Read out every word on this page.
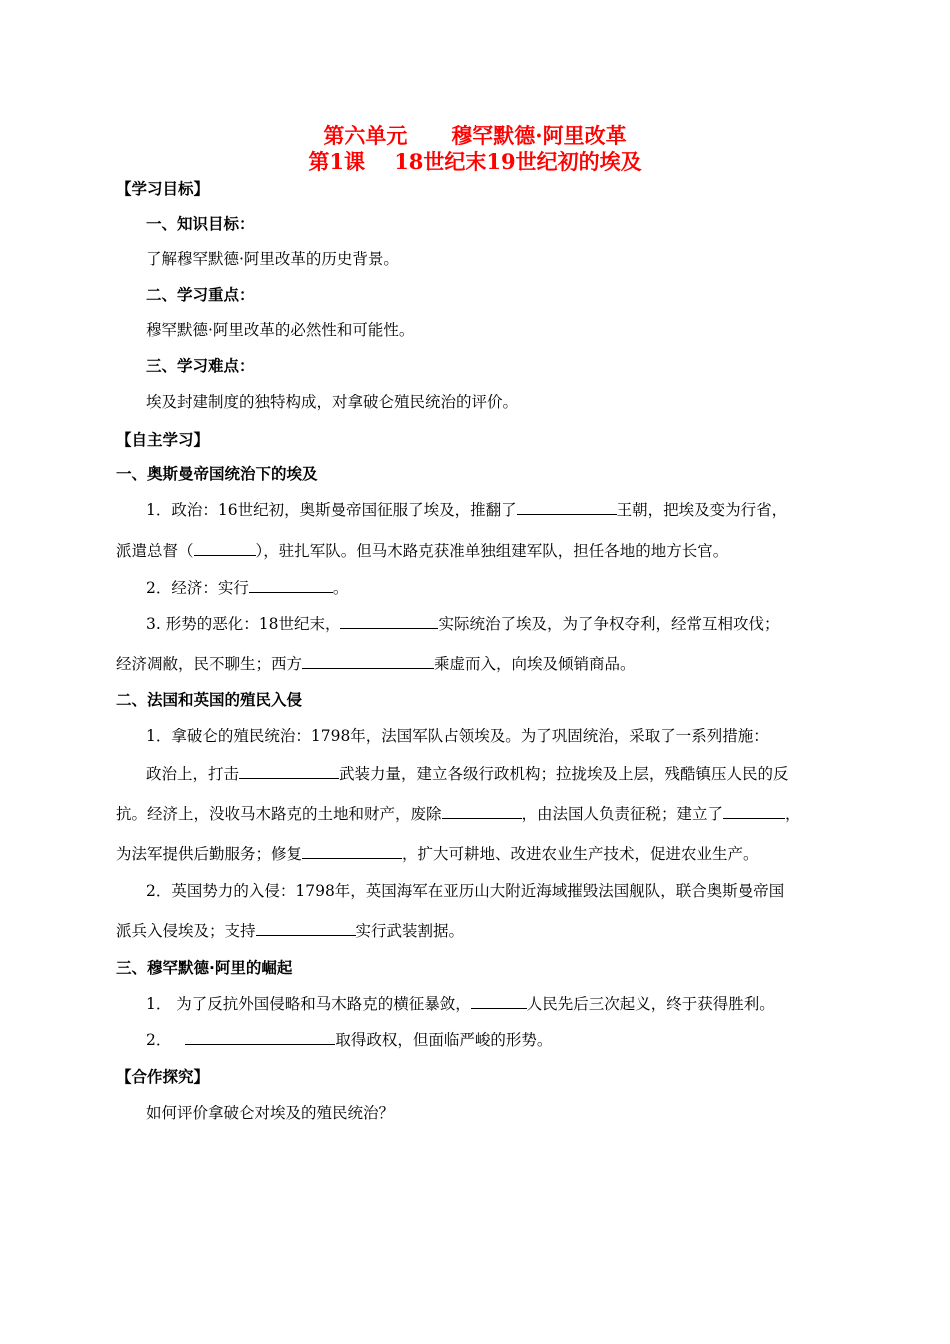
第六单元      穆罕默德·阿里改革
第1课    18世纪末19世纪初的埃及
【学习目标】
一、知识目标：
了解穆罕默德·阿里改革的历史背景。
二、学习重点：
穆罕默德·阿里改革的必然性和可能性。
三、学习难点：
埃及封建制度的独特构成，对拿破仑殖民统治的评价。
【自主学习】
一、奥斯曼帝国统治下的埃及
1．政治：16世纪初，奥斯曼帝国征服了埃及，推翻了	王朝，把埃及变为行省，
派遣总督（	），驻扎军队。但马木路克获准单独组建军队，担任各地的地方长官。
2．经济：实行	。
3. 形势的恶化：18世纪末，	实际统治了埃及，为了争权夺利，经常互相攻伐；
经济凋敝，民不聊生；西方	乘虚而入，向埃及倾销商品。
二、法国和英国的殖民入侵
1．拿破仑的殖民统治：1798年，法国军队占领埃及。为了巩固统治，采取了一系列措施：
政治上，打击	武装力量，建立各级行政机构；拉拢埃及上层，残酷镇压人民的反
抗。经济上，没收马木路克的土地和财产，废除	，由法国人负责征税；建立了	，
为法军提供后勤服务；修复	，扩大可耕地、改进农业生产技术，促进农业生产。
2．英国势力的入侵：1798年，英国海军在亚历山大附近海域摧毁法国舰队，联合奥斯曼帝国
派兵入侵埃及；支持	实行武装割据。
三、穆罕默德·阿里的崛起
1． 为了反抗外国侵略和马木路克的横征暴敛，	人民先后三次起义，终于获得胜利。
2．	取得政权，但面临严峻的形势。
【合作探究】
如何评价拿破仑对埃及的殖民统治？
